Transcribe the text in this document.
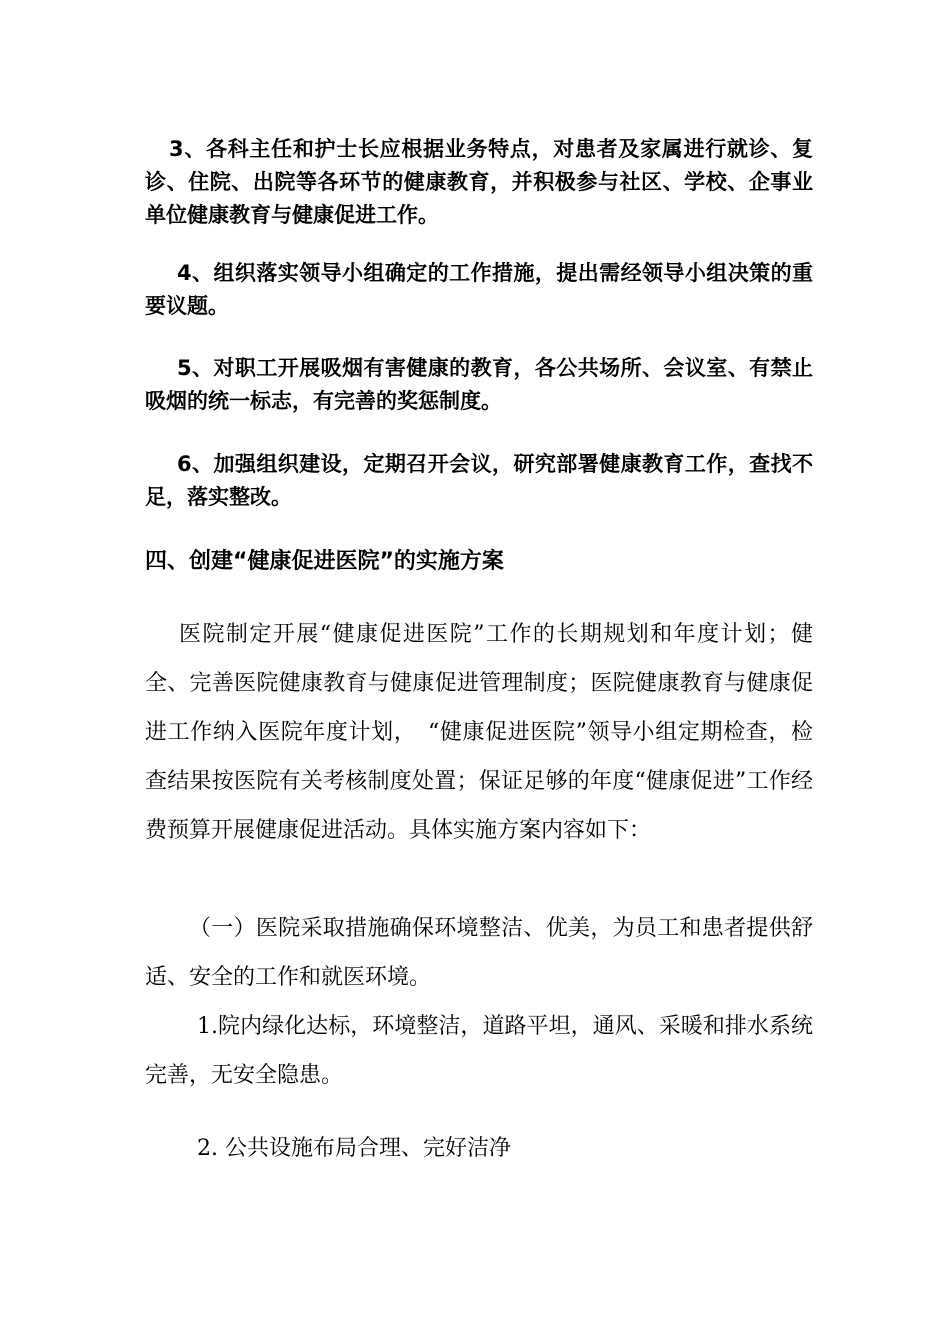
3、各科主任和护士长应根据业务特点，对患者及家属进行就诊、复诊、住院、出院等各环节的健康教育，并积极参与社区、学校、企事业单位健康教育与健康促进工作。

4、组织落实领导小组确定的工作措施，提出需经领导小组决策的重要议题。

5、对职工开展吸烟有害健康的教育，各公共场所、会议室、有禁止吸烟的统一标志，有完善的奖惩制度。

6、加强组织建设，定期召开会议，研究部署健康教育工作，查找不足，落实整改。

四、创建“健康促进医院”的实施方案

医院制定开展“健康促进医院”工作的长期规划和年度计划；健全、完善医院健康教育与健康促进管理制度；医院健康教育与健康促进工作纳入医院年度计划，　“健康促进医院”领导小组定期检查，检查结果按医院有关考核制度处置；保证足够的年度“健康促进”工作经费预算开展健康促进活动。具体实施方案内容如下：

（一）医院采取措施确保环境整洁、优美，为员工和患者提供舒适、安全的工作和就医环境。

1.院内绿化达标，环境整洁，道路平坦，通风、采暖和排水系统完善，无安全隐患。

2. 公共设施布局合理、完好洁净
